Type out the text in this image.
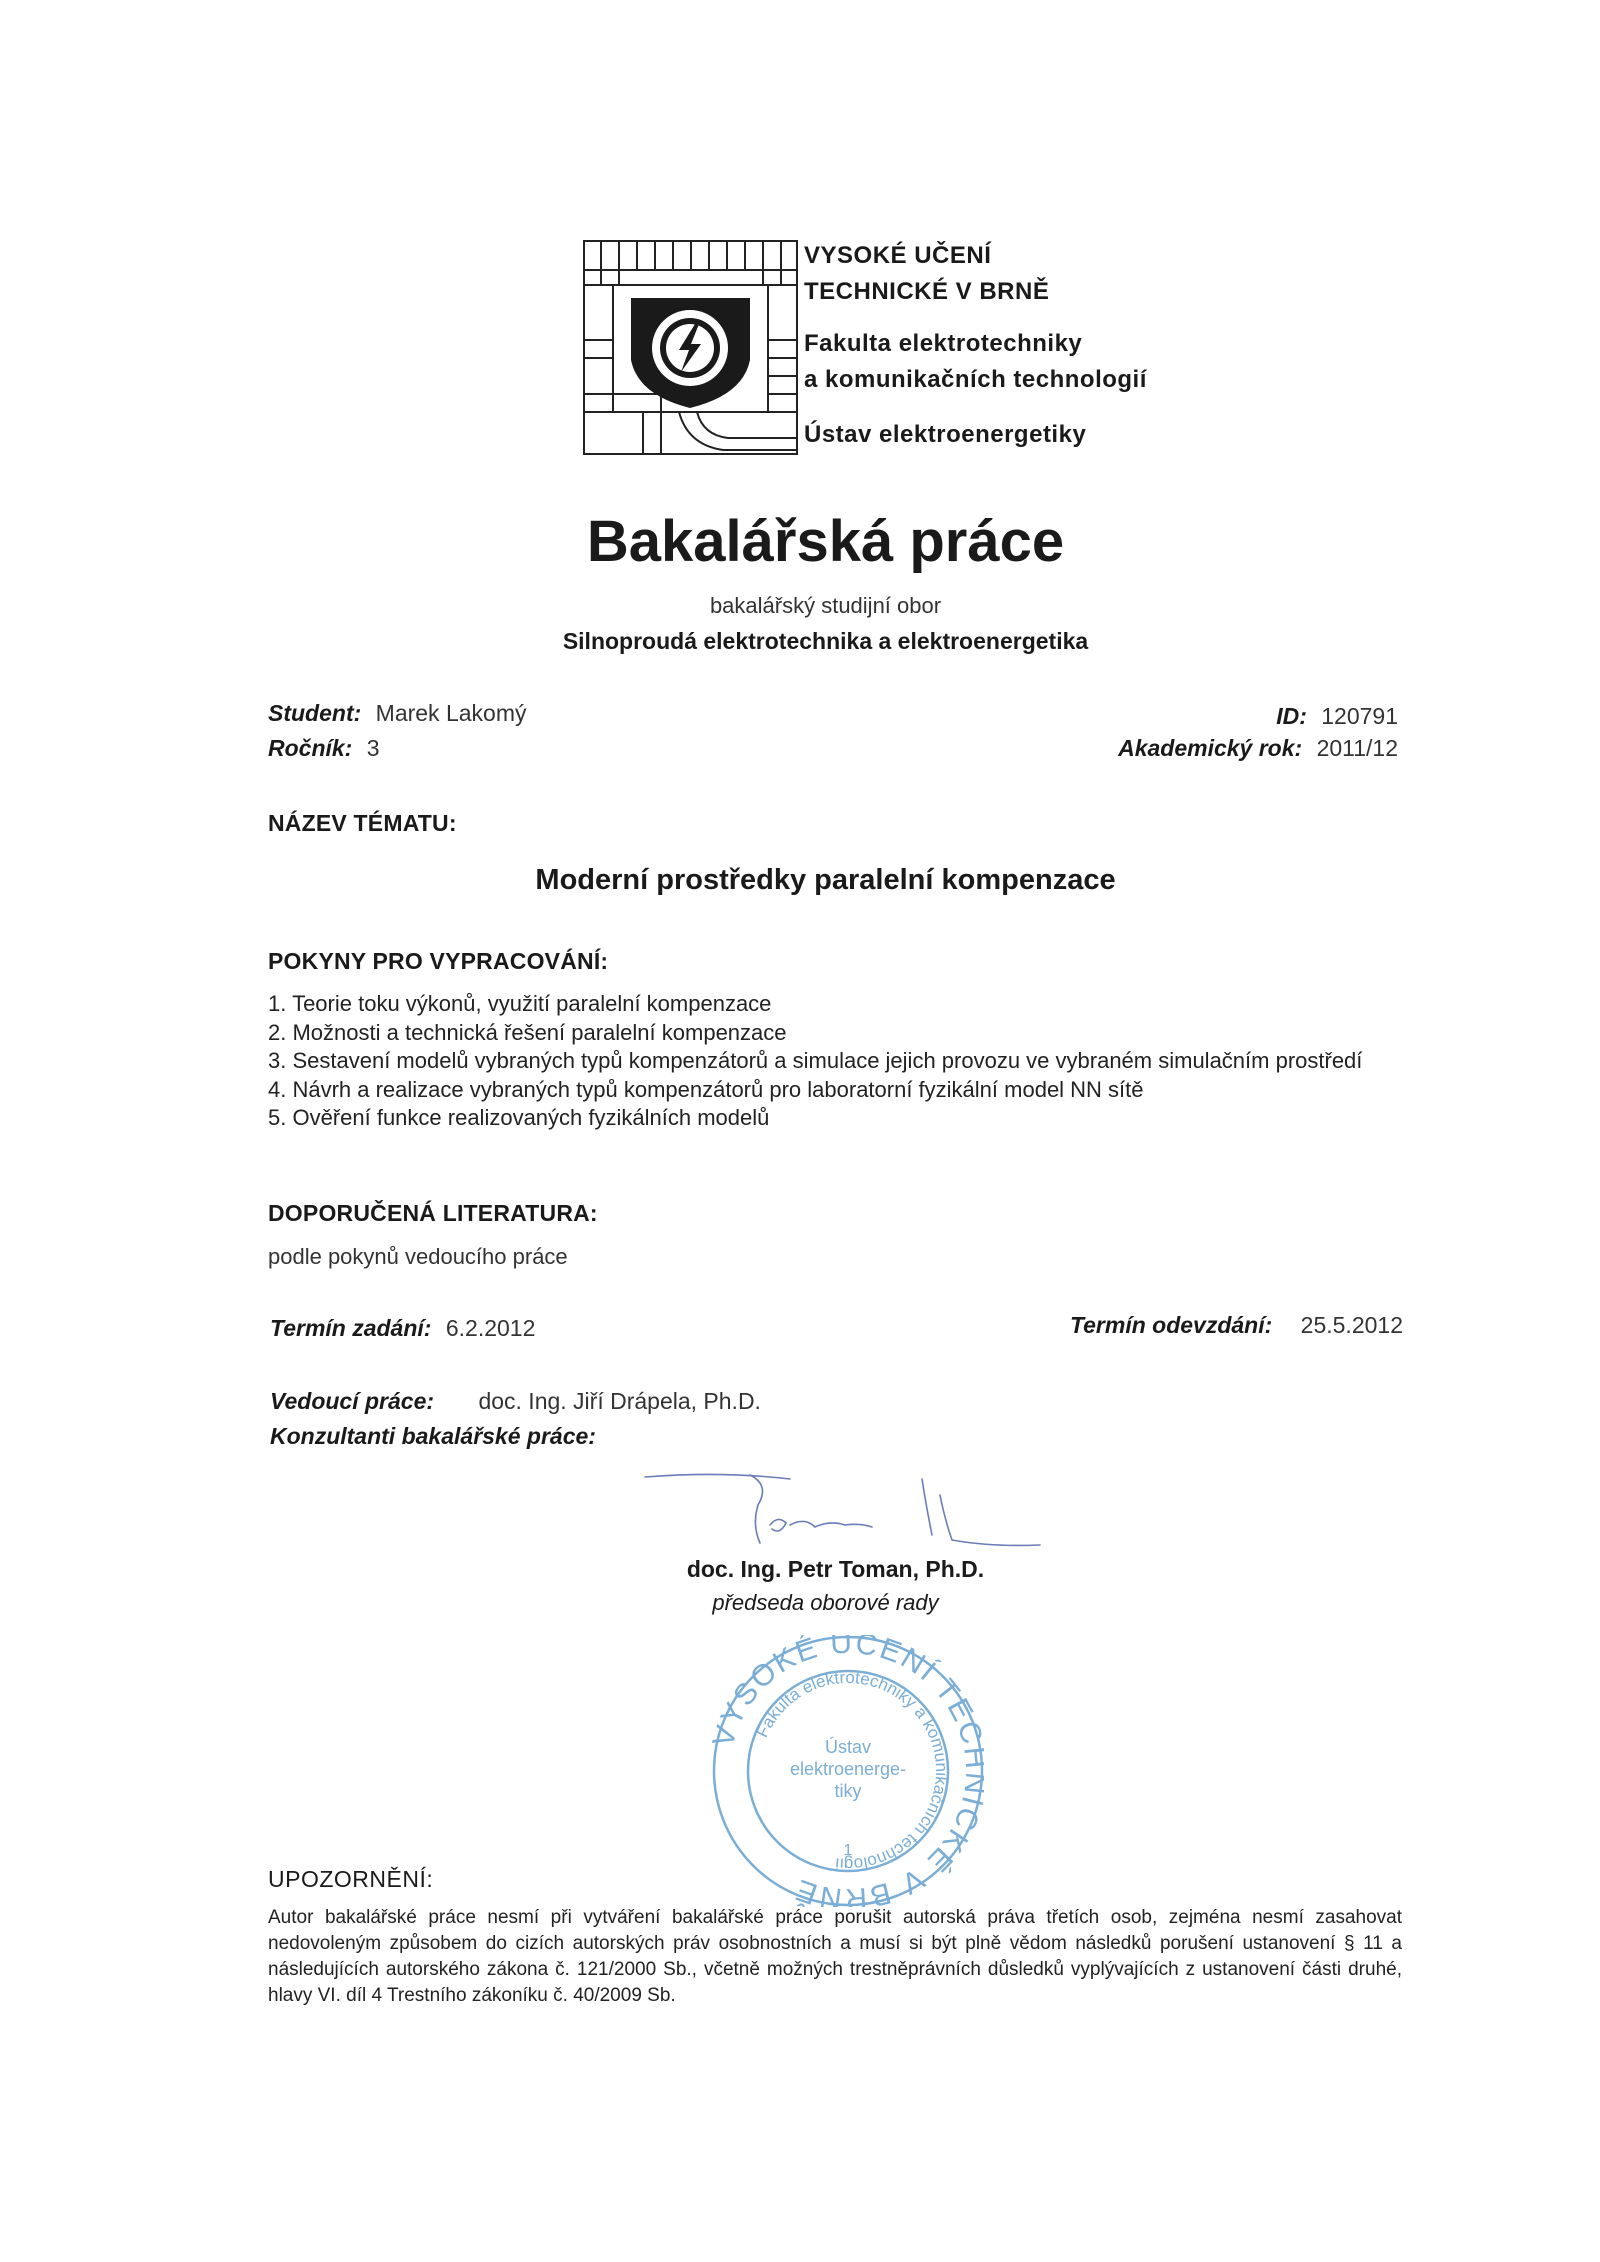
VYSOKÉ UČENÍ
TECHNICKÉ V BRNĚ
Fakulta elektrotechniky
a komunikačních technologií
Ústav elektroenergetiky
Bakalářská práce
bakalářský studijní obor
Silnoproudá elektrotechnika a elektroenergetika
Student: Marek Lakomý
Ročník: 3
ID: 120791
Akademický rok: 2011/12
NÁZEV TÉMATU:
Moderní prostředky paralelní kompenzace
POKYNY PRO VYPRACOVÁNÍ:
1. Teorie toku výkonů, využití paralelní kompenzace
2. Možnosti a technická řešení paralelní kompenzace
3. Sestavení modelů vybraných typů kompenzátorů a simulace jejich provozu ve vybraném simulačním prostředí
4. Návrh a realizace vybraných typů kompenzátorů pro laboratorní fyzikální model NN sítě
5. Ověření funkce realizovaných fyzikálních modelů
DOPORUČENÁ LITERATURA:
podle pokynů vedoucího práce
Termín zadání: 6.2.2012	Termín odevzdání: 25.5.2012
Vedoucí práce: doc. Ing. Jiří Drápela, Ph.D.
Konzultanti bakalářské práce:
doc. Ing. Petr Toman, Ph.D.
předseda oborové rady
YSOKÉ UČENÍ TE CKÉ V BRNĚ
Fakulta elektrotechniky a komunikačních technologií
Ústav
elektroenerge-
tiky
1
UPOZORNĚNÍ:
Autor bakalářské práce nesmí při vytváření bakalářské práce porušit autorská práva třetích osob, zejména nesmí zasahovat nedovoleným způsobem do cizích autorských práv osobnostních a musí si být plně vědom následků porušení ustanovení § 11 a následujících autorského zákona č. 121/2000 Sb., včetně možných trestněprávních důsledků vyplývajících z ustanovení části druhé, hlavy VI. díl 4 Trestního zákoníku č. 40/2009 Sb.
